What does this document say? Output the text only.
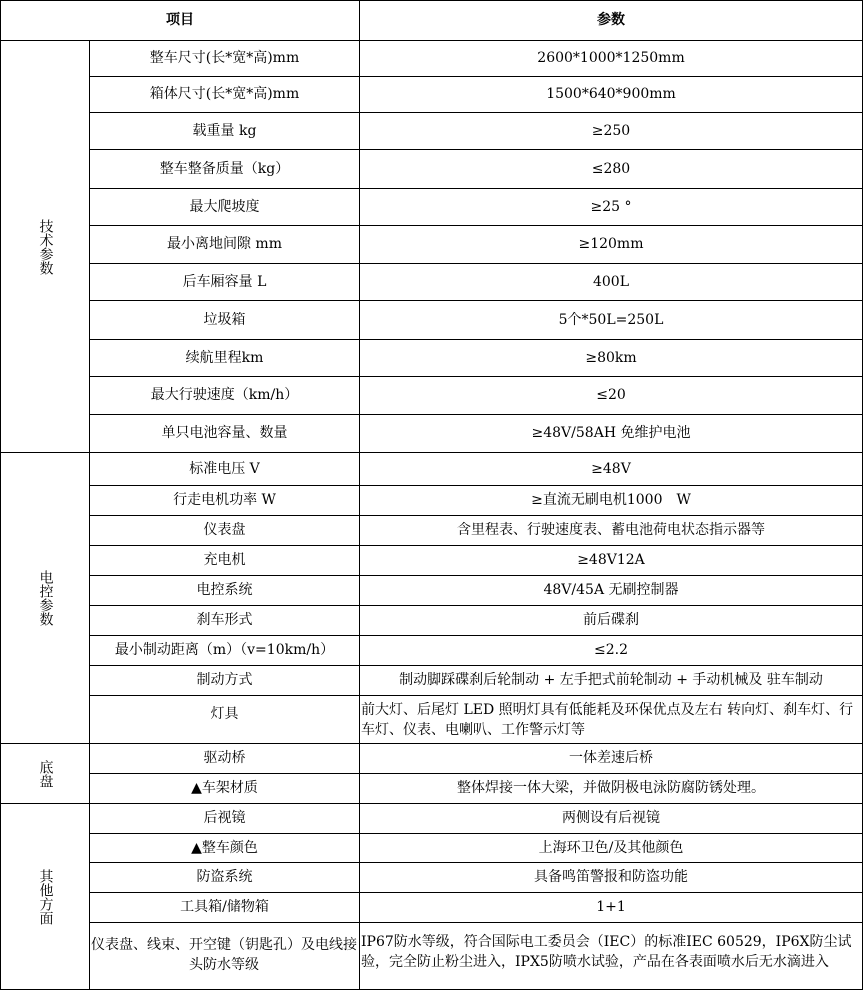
项目		参数

技术参数	整车尺寸(长*宽*高)mm	2600*1000*1250mm
	箱体尺寸(长*宽*高)mm	1500*640*900mm
	载重量 kg	≥250
	整车整备质量（kg）	≤280
	最大爬坡度	≥25 °
	最小离地间隙 mm	≥120mm
	后车厢容量 L	400L
	垃圾箱	5个*50L=250L
	续航里程km	≥80km
	最大行驶速度（km/h）	≤20
	单只电池容量、数量	≥48V/58AH 免维护电池

电控参数	标准电压 V	≥48V
	行走电机功率 W	≥直流无刷电机1000　W
	仪表盘	含里程表、行驶速度表、蓄电池荷电状态指示器等
	充电机	≥48V12A
	电控系统	48V/45A 无刷控制器
	刹车形式	前后碟刹
	最小制动距离（m）（v=10km/h）	≤2.2
	制动方式	制动脚踩碟刹后轮制动 + 左手把式前轮制动 + 手动机械及 驻车制动
	灯具	前大灯、后尾灯 LED 照明灯具有低能耗及环保优点及左右 转向灯、刹车灯、行车灯、仪表、电喇叭、工作警示灯等

底盘	驱动桥	一体差速后桥
	▲车架材质	整体焊接一体大梁，并做阴极电泳防腐防锈处理。

其他方面	后视镜	两侧设有后视镜
	▲整车颜色	上海环卫色/及其他颜色
	防盗系统	具备鸣笛警报和防盗功能
	工具箱/储物箱	1+1
	仪表盘、线束、开空键（钥匙孔）及电线接头防水等级	IP67防水等级，符合国际电工委员会（IEC）的标准IEC 60529，IP6X防尘试验，完全防止粉尘进入，IPX5防喷水试验，产品在各表面喷水后无水滴进入
